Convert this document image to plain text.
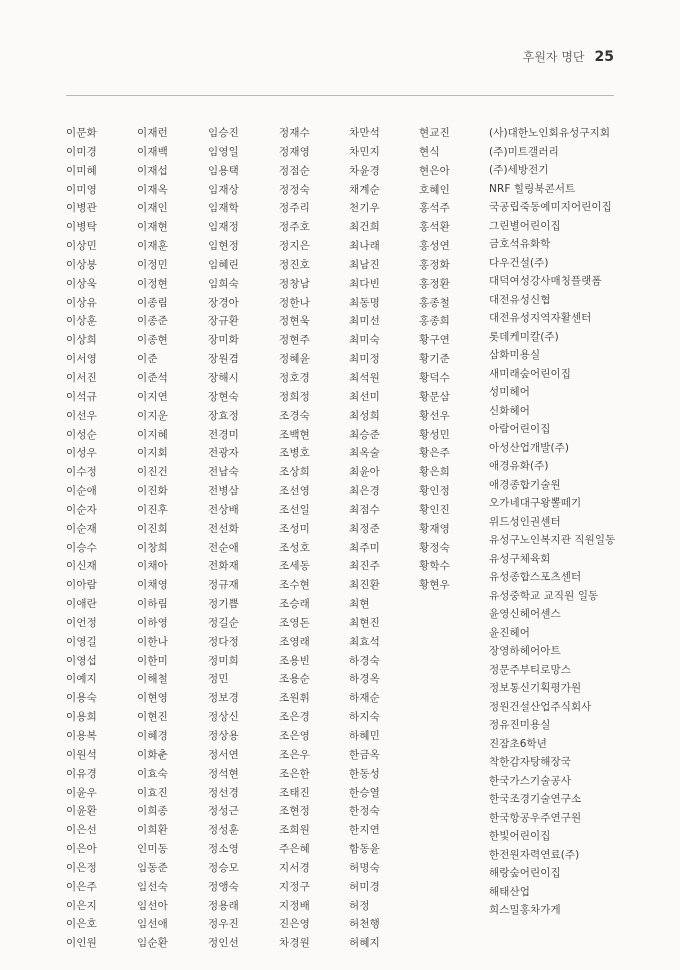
후원자 명단 25
이문화
이미경
이미혜
이미영
이병관
이병탁
이상민
이상붕
이상욱
이상유
이상훈
이상희
이서영
이서진
이석규
이선우
이성순
이성우
이수정
이순애
이순자
이순재
이승수
이신재
이아람
이애란
이언정
이영길
이영섭
이예지
이용숙
이용희
이용복
이원석
이유경
이윤우
이윤환
이은선
이은아
이은정
이은주
이은지
이은호
이인원
이재런
이재백
이재섭
이재옥
이재인
이재현
이재훈
이정민
이정현
이종림
이종준
이종현
이준
이준석
이지연
이지운
이지혜
이지회
이진건
이진화
이진후
이진희
이창희
이채아
이채영
이하림
이하영
이한나
이한미
이해철
이현영
이현진
이혜경
이화춘
이효숙
이효진
이희종
이희환
인미동
임동준
임선숙
임선아
임선애
임순환
임승진
임영일
임용택
임재상
임재학
임재정
임현정
임혜린
임희숙
장경아
장규환
장미화
장원겸
장해시
장현숙
장효정
전경미
전광자
전남숙
전병삼
전상배
전선화
전순애
전화재
정규재
정기쁨
정길순
정다정
정미희
정민
정보경
정상신
정상용
정서연
정석현
정선경
정성근
정성훈
정소영
정승모
정앵숙
정용래
정우진
정인선
정재수
정재영
정점순
정정숙
정주리
정주호
정지은
정진호
정창남
정한나
정현욱
정현주
정혜윤
정호경
정희정
조경숙
조백현
조병호
조상희
조선영
조선일
조성미
조성호
조세동
조수현
조승래
조영돈
조영래
조용빈
조용순
조원휘
조은경
조은영
조은우
조은한
조태진
조현정
조희원
주은혜
지서경
지정구
지정배
진은영
차경원
차만석
차민지
차윤경
채계순
천기우
최건희
최나래
최남진
최다빈
최동명
최미선
최미숙
최미정
최석원
최선미
최성희
최승준
최옥술
최윤아
최은경
최점수
최정준
최주미
최진주
최진환
최현
최현진
최효석
하경숙
하경옥
하재순
하지숙
하혜민
한금옥
한동성
한승열
한정숙
한지연
함동윤
허명숙
허미경
허정
허천행
허혜지
현교진
현식
현은아
호혜인
홍석주
홍석환
홍성연
홍정화
홍정환
홍종철
홍종희
황구연
황기준
황덕수
황문삼
황선우
황성민
황은주
황은희
황인정
황인진
황재영
황정숙
황학수
황현우
(사)대한노인회유성구지회
(주)미트갤러리
(주)세방전기
NRF 힐링북콘서트
국공립죽동예미지어린이집
그린별어린이집
금호석유화학
다우건설(주)
대덕여성강사매칭플랫폼
대전유성신협
대전유성지역자활센터
롯데케미칼(주)
삼화미용실
새미래숲어린이집
성미헤어
신화헤어
아람어린이집
아성산업개발(주)
애경유화(주)
애경종합기술원
오가네대구왕뽈떼기
위드성인권센터
유성구노인복지관 직원일동
유성구체육회
유성종합스포츠센터
유성중학교 교직원 일동
윤영신헤어센스
윤진헤어
장영하헤어아트
정문주부티로망스
정보통신기획평가원
정원건설산업주식회사
정유진미용실
진잠초6학년
착한감자탕해장국
한국가스기술공사
한국조경기술연구소
한국항공우주연구원
한빛어린이집
한전원자력연료(주)
해랑숲어린이집
해태산업
희스밀홍차가게
